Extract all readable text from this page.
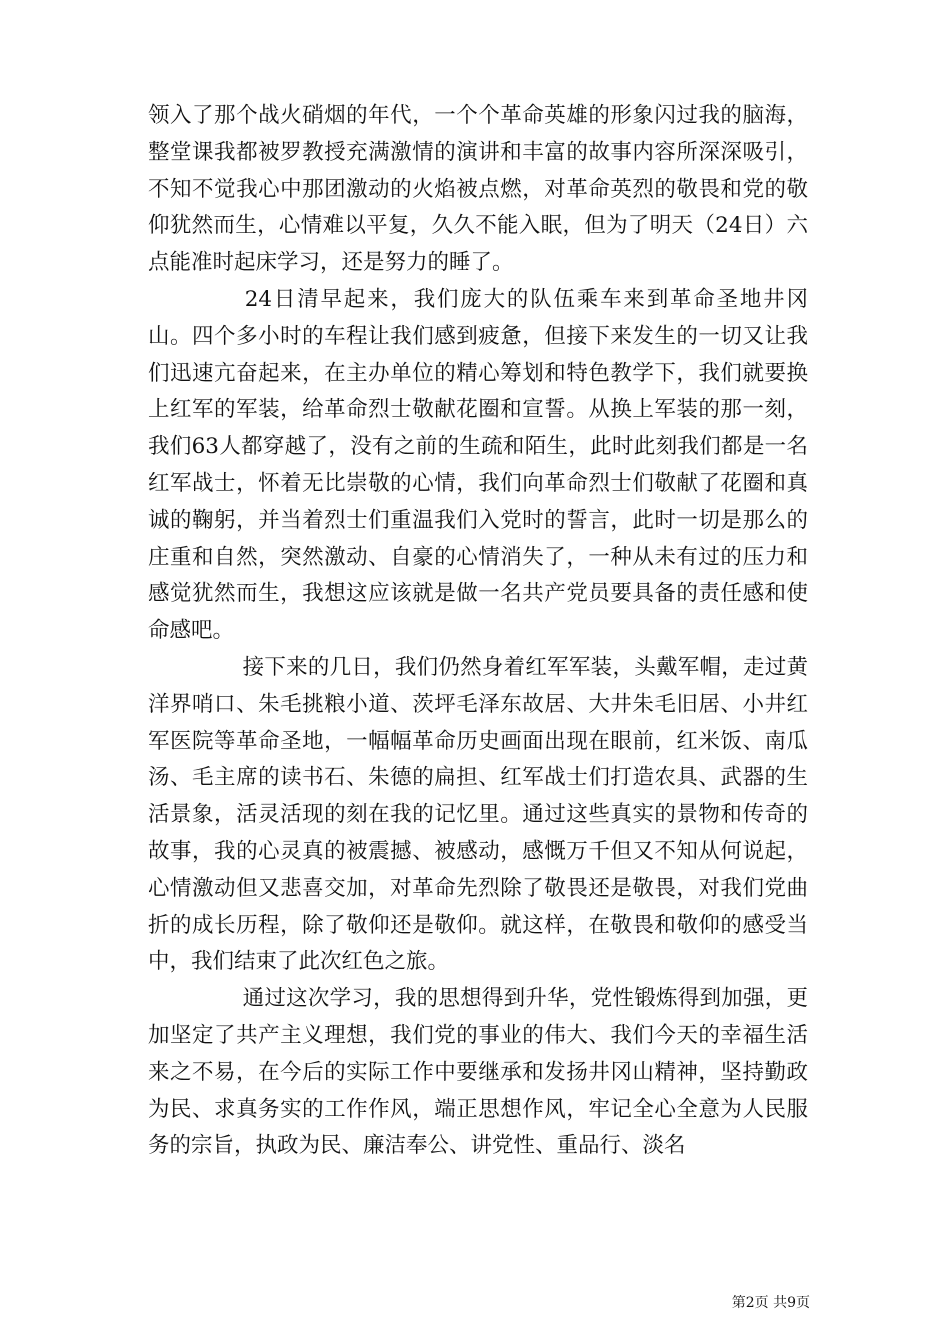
领入了那个战火硝烟的年代，一个个革命英雄的形象闪过我的脑海，整堂课我都被罗教授充满激情的演讲和丰富的故事内容所深深吸引，不知不觉我心中那团激动的火焰被点燃，对革命英烈的敬畏和党的敬仰犹然而生，心情难以平复，久久不能入眠，但为了明天（24日）六点能准时起床学习，还是努力的睡了。

24日清早起来，我们庞大的队伍乘车来到革命圣地井冈山。四个多小时的车程让我们感到疲惫，但接下来发生的一切又让我们迅速亢奋起来，在主办单位的精心筹划和特色教学下，我们就要换上红军的军装，给革命烈士敬献花圈和宣誓。从换上军装的那一刻，我们63人都穿越了，没有之前的生疏和陌生，此时此刻我们都是一名红军战士，怀着无比崇敬的心情，我们向革命烈士们敬献了花圈和真诚的鞠躬，并当着烈士们重温我们入党时的誓言，此时一切是那么的庄重和自然，突然激动、自豪的心情消失了，一种从未有过的压力和感觉犹然而生，我想这应该就是做一名共产党员要具备的责任感和使命感吧。

接下来的几日，我们仍然身着红军军装，头戴军帽，走过黄洋界哨口、朱毛挑粮小道、茨坪毛泽东故居、大井朱毛旧居、小井红军医院等革命圣地，一幅幅革命历史画面出现在眼前，红米饭、南瓜汤、毛主席的读书石、朱德的扁担、红军战士们打造农具、武器的生活景象，活灵活现的刻在我的记忆里。通过这些真实的景物和传奇的故事，我的心灵真的被震撼、被感动，感慨万千但又不知从何说起，心情激动但又悲喜交加，对革命先烈除了敬畏还是敬畏，对我们党曲折的成长历程，除了敬仰还是敬仰。就这样，在敬畏和敬仰的感受当中，我们结束了此次红色之旅。

通过这次学习，我的思想得到升华，党性锻炼得到加强，更加坚定了共产主义理想，我们党的事业的伟大、我们今天的幸福生活来之不易，在今后的实际工作中要继承和发扬井冈山精神，坚持勤政为民、求真务实的工作作风，端正思想作风，牢记全心全意为人民服务的宗旨，执政为民、廉洁奉公、讲党性、重品行、淡名

第2页 共9页
